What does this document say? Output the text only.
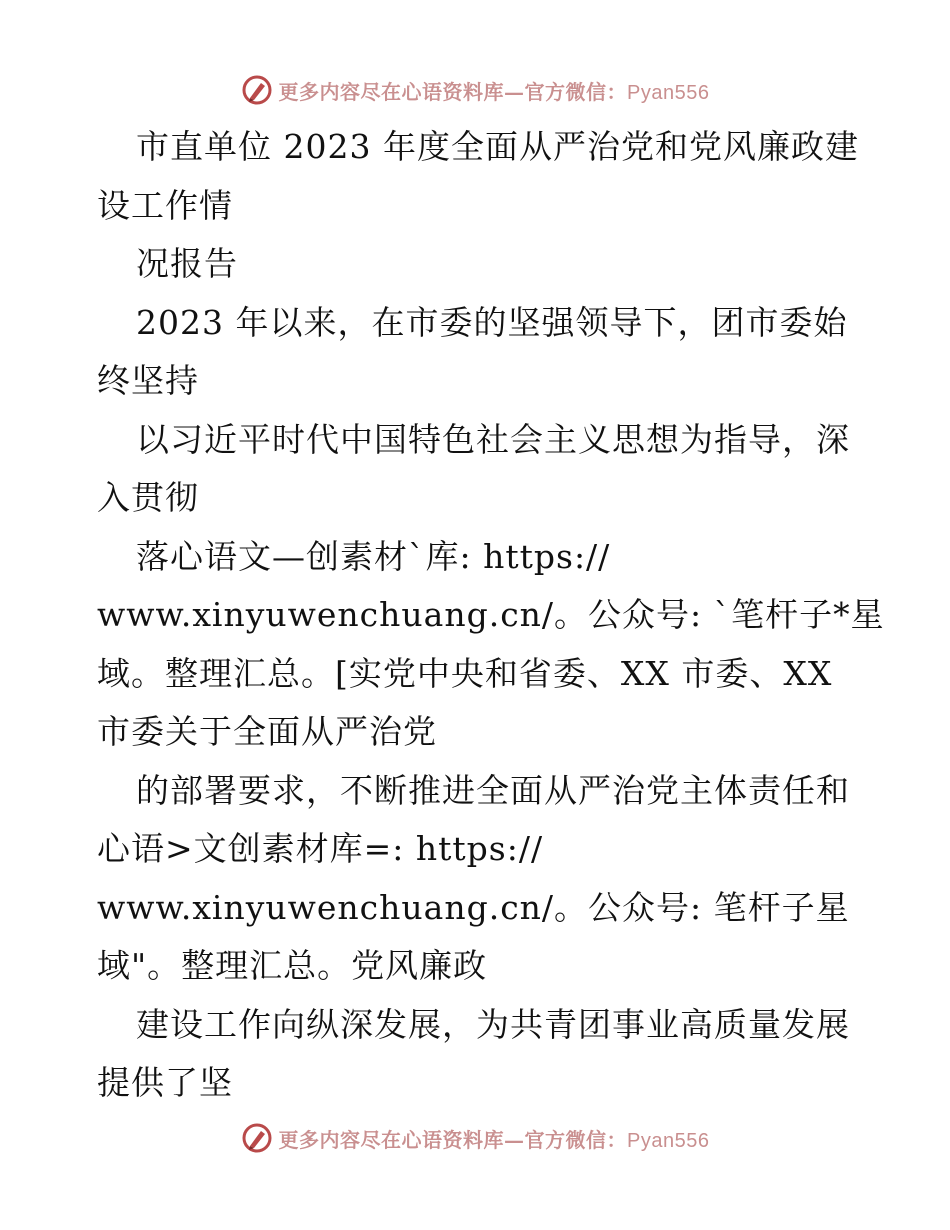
更多内容尽在心语资料库—官方微信：Pyan556
市直单位 2023 年度全面从严治党和党风廉政建
设工作情
况报告
2023 年以来，在市委的坚强领导下，团市委始
终坚持
以习近平时代中国特色社会主义思想为指导，深
入贯彻
落心语文—创素材`库: https://
www.xinyuwenchuang.cn/。公众号: `笔杆子*星
域。整理汇总。[实党中央和省委、XX 市委、XX
市委关于全面从严治党
的部署要求，不断推进全面从严治党主体责任和
心语>文创素材库=: https://
www.xinyuwenchuang.cn/。公众号: 笔杆子星
域"。整理汇总。党风廉政
建设工作向纵深发展，为共青团事业高质量发展
提供了坚
更多内容尽在心语资料库—官方微信：Pyan556
